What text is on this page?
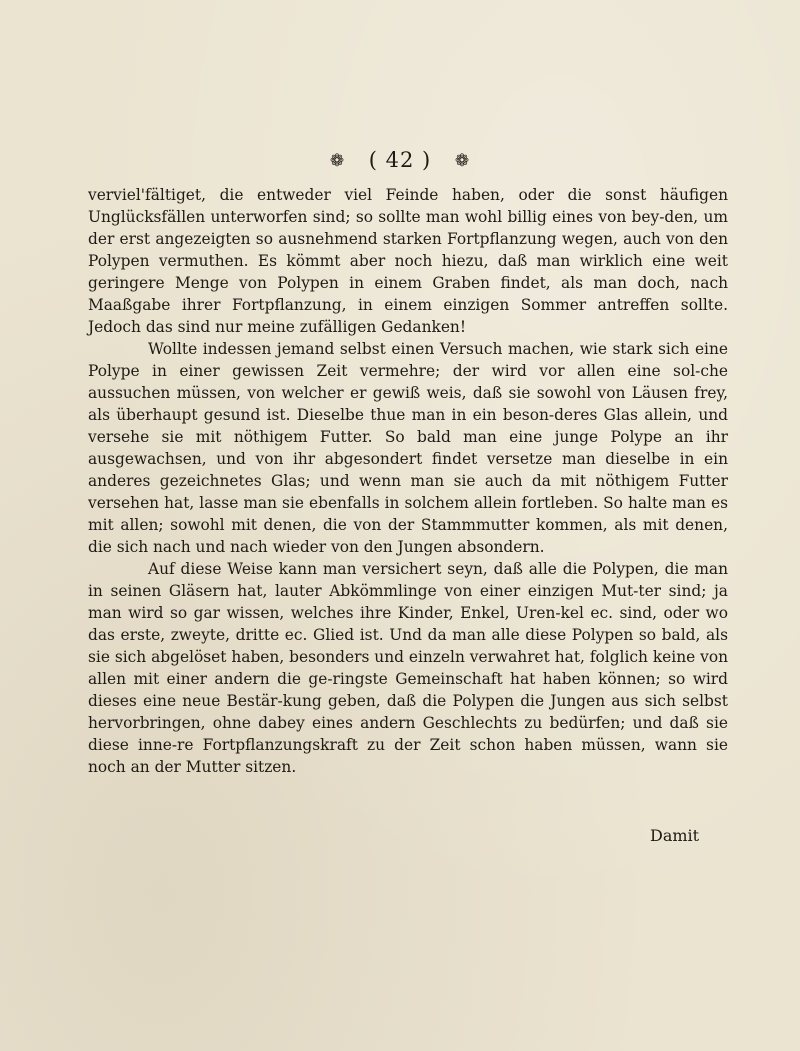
❁ ( 42 ) ❁

verviel'fältiget, die entweder viel Feinde haben, oder die sonst häufigen Unglücksfällen unterworfen sind; so sollte man wohl billig eines von bey-den, um der erst angezeigten so ausnehmend starken Fortpflanzung wegen, auch von den Polypen vermuthen. Es kömmt aber noch hiezu, daß man wirklich eine weit geringere Menge von Polypen in einem Graben findet, als man doch, nach Maaßgabe ihrer Fortpflanzung, in einem einzigen Sommer antreffen sollte. Jedoch das sind nur meine zufälligen Gedanken!

Wollte indessen jemand selbst einen Versuch machen, wie stark sich eine Polype in einer gewissen Zeit vermehre; der wird vor allen eine sol-che aussuchen müssen, von welcher er gewiß weis, daß sie sowohl von Läusen frey, als überhaupt gesund ist. Dieselbe thue man in ein beson-deres Glas allein, und versehe sie mit nöthigem Futter. So bald man eine junge Polype an ihr ausgewachsen, und von ihr abgesondert findet versetze man dieselbe in ein anderes gezeichnetes Glas; und wenn man sie auch da mit nöthigem Futter versehen hat, lasse man sie ebenfalls in solchem allein fortleben. So halte man es mit allen; sowohl mit denen, die von der Stammmutter kommen, als mit denen, die sich nach und nach wieder von den Jungen absondern.

Auf diese Weise kann man versichert seyn, daß alle die Polypen, die man in seinen Gläsern hat, lauter Abkömmlinge von einer einzigen Mut-ter sind; ja man wird so gar wissen, welches ihre Kinder, Enkel, Uren-kel ec. sind, oder wo das erste, zweyte, dritte ec. Glied ist. Und da man alle diese Polypen so bald, als sie sich abgelöset haben, besonders und einzeln verwahret hat, folglich keine von allen mit einer andern die ge-ringste Gemeinschaft hat haben können; so wird dieses eine neue Bestär-kung geben, daß die Polypen die Jungen aus sich selbst hervorbringen, ohne dabey eines andern Geschlechts zu bedürfen; und daß sie diese inne-re Fortpflanzungskraft zu der Zeit schon haben müssen, wann sie noch an der Mutter sitzen.

Damit
